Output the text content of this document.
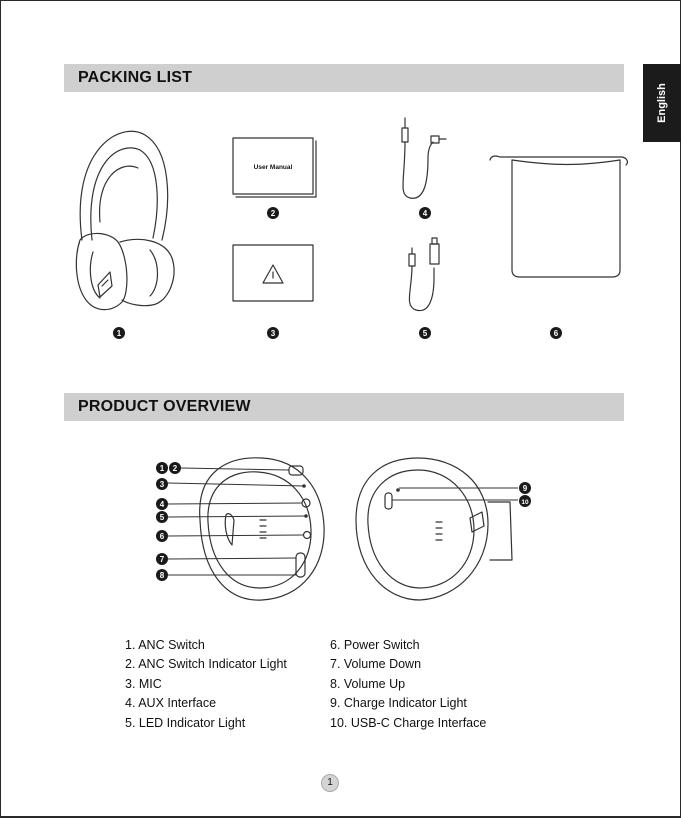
PACKING LIST
PRODUCT OVERVIEW
English
User Manual
1
2
3
4
5	6
1 2
3
4
5
6
7
8
9
10
1. ANC Switch
2. ANC Switch Indicator Light
3. MIC
4. AUX Interface
5. LED Indicator Light
6. Power Switch
7. Volume Down
8. Volume Up
9. Charge Indicator Light
10. USB-C Charge Interface
1
